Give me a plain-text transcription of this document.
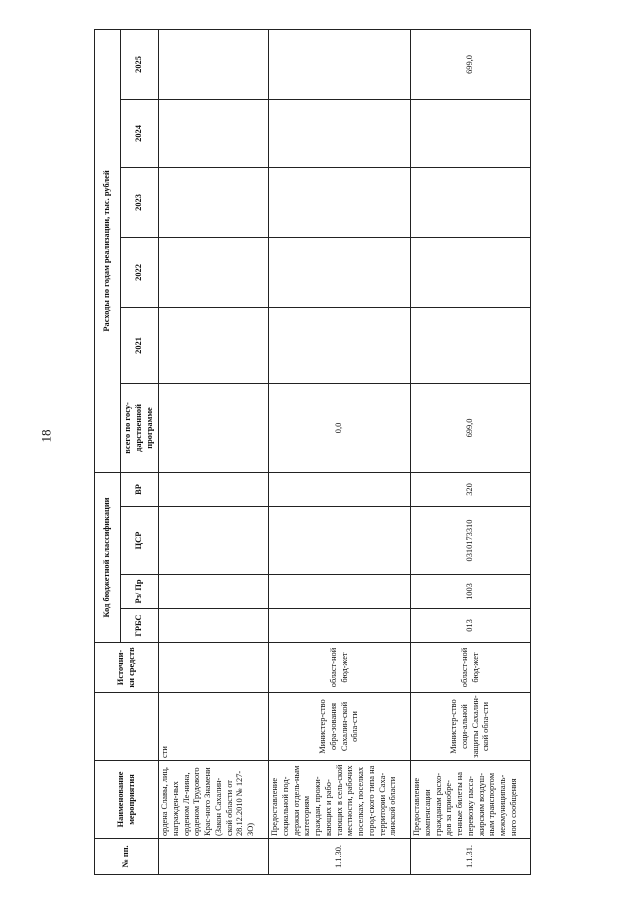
18
№ пп.	Наименование мероприятия		Источни-ки средств	Код бюджетной классификации				Расходы по годам реализации, тыс. рублей					
				ГРБС	Рз/ Пр	ЦСР	ВР	всего по госу-дарственной программе	2021	2022	2023	2024	2025
	ордена Славы, лиц, награжден-ных орденом Ле-нина, орденом Трудового Крас-ного Знамени (Закон Сахалин-ской области от 28.12.2010 № 127-ЗО)	сти											
1.1.30.	Предоставление социальной под-держки отдель-ным категориям граждан, прожи-вающих и рабо-тающих в сель-ской местности, рабочих поселках, поселках город-ского типа на территории Саха-линской области	Министер-ство обра-зования Сахалин-ской обла-сти	област-ной бюд-жет					0,0					
1.1.31.	Предоставление компенсации гражданам расхо-дов за приобре-тенные билеты на перевозку пасса-жирским воздуш-ным транспортом межмуниципаль-ного сообщения	Министер-ство соци-альной защиты Сахалин-ской обла-сти	област-ной бюд-жет	013	1003	0310173310	320	699,0					699,0
